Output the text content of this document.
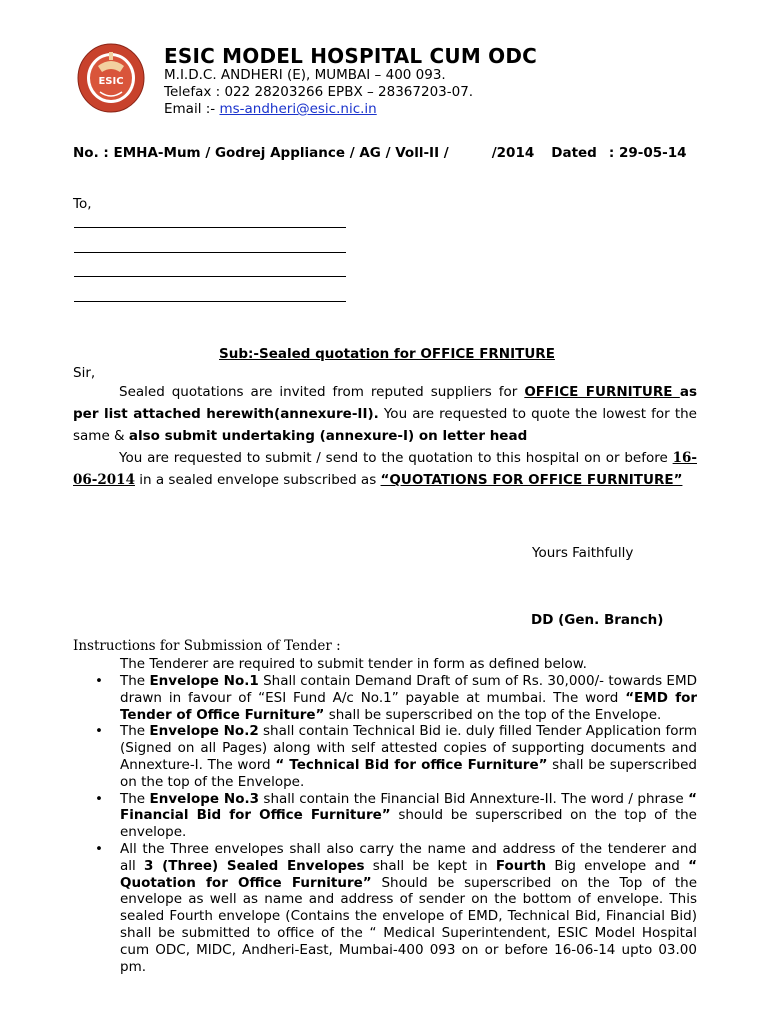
ESIC
ESIC MODEL HOSPITAL CUM ODC
M.I.D.C. ANDHERI (E), MUMBAI – 400 093.
Telefax : 022 28203266 EPBX – 28367203-07.
Email :- ms-andheri@esic.nic.in
No. : EMHA-Mum / Godrej Appliance / AG / Voll-II /	/2014 Dated : 29-05-14
To,
Sub:-Sealed quotation for OFFICE FRNITURE
Sir,
Sealed quotations are invited from reputed suppliers for OFFICE FURNITURE as per list attached herewith(annexure-II). You are requested to quote the lowest for the same & also submit undertaking (annexure-I) on letter head
You are requested to submit / send to the quotation to this hospital on or before 16-06-2014 in a sealed envelope subscribed as “QUOTATIONS FOR OFFICE FURNITURE”
Yours Faithfully
DD (Gen. Branch)
Instructions for Submission of Tender :
The Tenderer are required to submit tender in form as defined below.
• The Envelope No.1 Shall contain Demand Draft of sum of Rs. 30,000/- towards EMD drawn in favour of “ESI Fund A/c No.1” payable at mumbai. The word “EMD for Tender of Office Furniture” shall be superscribed on the top of the Envelope.
• The Envelope No.2 shall contain Technical Bid ie. duly filled Tender Application form (Signed on all Pages) along with self attested copies of supporting documents and Annexture-I. The word “ Technical Bid for office Furniture” shall be superscribed on the top of the Envelope.
• The Envelope No.3 shall contain the Financial Bid Annexture-II. The word / phrase “ Financial Bid for Office Furniture” should be superscribed on the top of the envelope.
• All the Three envelopes shall also carry the name and address of the tenderer and all 3 (Three) Sealed Envelopes shall be kept in Fourth Big envelope and “ Quotation for Office Furniture” Should be superscribed on the Top of the envelope as well as name and address of sender on the bottom of envelope. This sealed Fourth envelope (Contains the envelope of EMD, Technical Bid, Financial Bid) shall be submitted to office of the “ Medical Superintendent, ESIC Model Hospital cum ODC, MIDC, Andheri-East, Mumbai-400 093 on or before 16-06-14 upto 03.00 pm.
